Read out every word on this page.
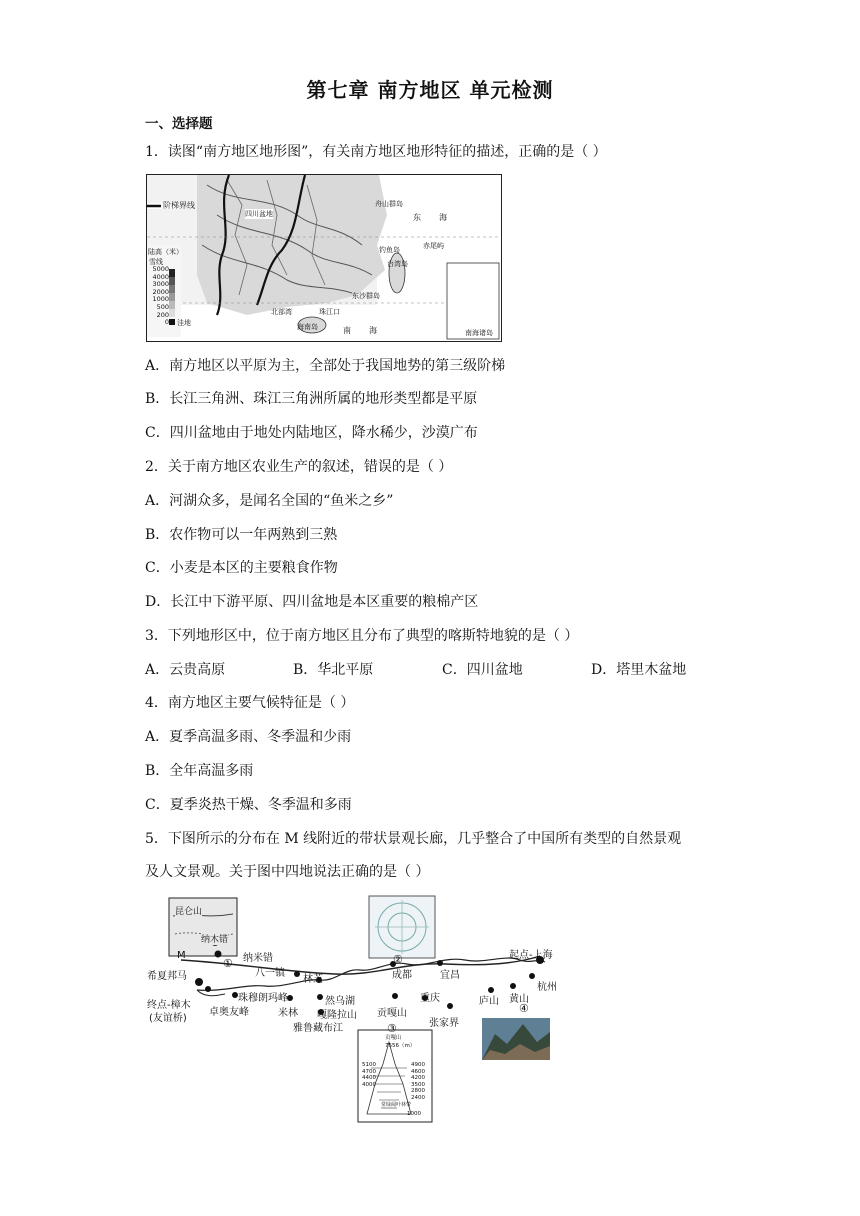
第七章 南方地区 单元检测
一、选择题
1．读图“南方地区地形图”，有关南方地区地形特征的描述，正确的是（ ）
阶梯界线
陆高（米）
雪线
5000
4000
3000
2000
1000
500
200
0 洼地
舟山群岛
东 海
四川盆地
钓鱼岛	赤尾屿
台湾岛
东沙群岛
北部湾	珠江口
海南岛	南 海	南海诸岛
A．南方地区以平原为主，全部处于我国地势的第三级阶梯
B．长江三角洲、珠江三角洲所属的地形类型都是平原
C．四川盆地由于地处内陆地区，降水稀少，沙漠广布
2．关于南方地区农业生产的叙述，错误的是（ ）
A．河湖众多，是闻名全国的“鱼米之乡”
B．农作物可以一年两熟到三熟
C．小麦是本区的主要粮食作物
D．长江中下游平原、四川盆地是本区重要的粮棉产区
3．下列地形区中，位于南方地区且分布了典型的喀斯特地貌的是（ ）
A．云贵高原	B．华北平原	C．四川盆地	D．塔里木盆地
4．南方地区主要气候特征是（ ）
A．夏季高温多雨、冬季温和少雨
B．全年高温多雨
C．夏季炎热干燥、冬季温和多雨
5．下图所示的分布在 M 线附近的带状景观长廊，几乎整合了中国所有类型的自然景观
及人文景观。关于图中四地说法正确的是（ ）
昆仑山
纳木错
①	②
③
④
M	纳米错
八一镇
林芝	成都	宜昌
起点-上海
杭州
希夏邦马
终点-樟木
(友谊桥)
卓奥友峰
珠穆朗玛峰
米林
然乌湖
嘎隆拉山
雅鲁藏布江
贡嘎山
重庆
张家界
庐山 黄山
贡嘎山
7556（m）
5100
4700
4400
4000
4900
4600
4200
3500
2800
2400
常绿阔叶林带
1000
